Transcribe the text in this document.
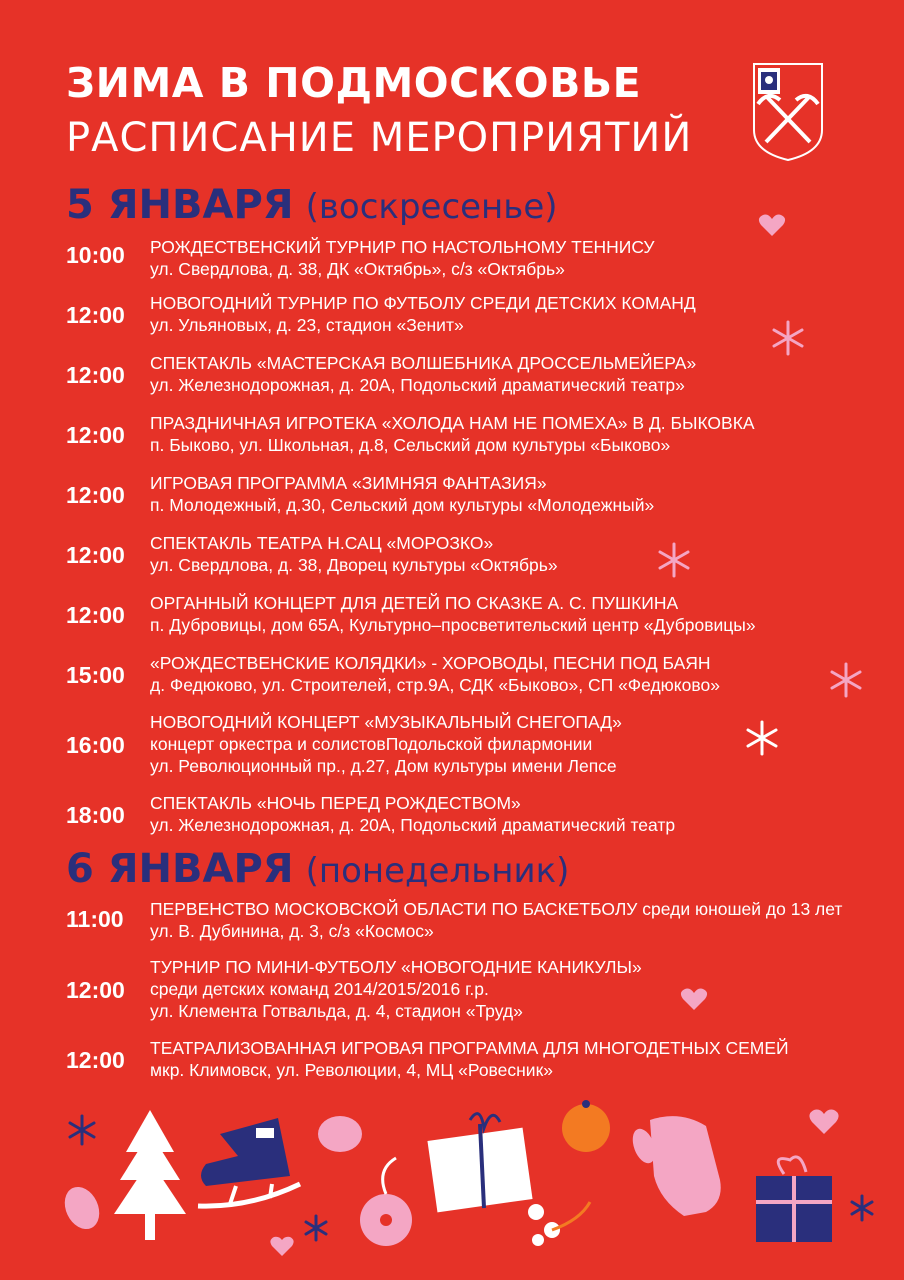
ЗИМА В ПОДМОСКОВЬЕ
РАСПИСАНИЕ МЕРОПРИЯТИЙ
5 ЯНВАРЯ (воскресенье)
10:00 РОЖДЕСТВЕНСКИЙ ТУРНИР ПО НАСТОЛЬНОМУ ТЕННИСУ
ул. Свердлова, д. 38, ДК «Октябрь», с/з «Октябрь»
12:00 НОВОГОДНИЙ ТУРНИР ПО ФУТБОЛУ СРЕДИ ДЕТСКИХ КОМАНД
ул. Ульяновых, д. 23, стадион «Зенит»
12:00 СПЕКТАКЛЬ «МАСТЕРСКАЯ ВОЛШЕБНИКА ДРОССЕЛЬМЕЙЕРА»
ул. Железнодорожная, д. 20А, Подольский драматический театр»
12:00 ПРАЗДНИЧНАЯ ИГРОТЕКА «ХОЛОДА НАМ НЕ ПОМЕХА» В Д. БЫКОВКА
п. Быково, ул. Школьная, д.8, Сельский дом культуры «Быково»
12:00 ИГРОВАЯ ПРОГРАММА «ЗИМНЯЯ ФАНТАЗИЯ»
п. Молодежный, д.30, Сельский дом культуры «Молодежный»
12:00 СПЕКТАКЛЬ ТЕАТРА Н.САЦ «МОРОЗКО»
ул. Свердлова, д. 38, Дворец культуры «Октябрь»
12:00 ОРГАННЫЙ КОНЦЕРТ ДЛЯ ДЕТЕЙ ПО СКАЗКЕ А. С. ПУШКИНА
п. Дубровицы, дом 65А, Культурно–просветительский центр «Дубровицы»
15:00 «РОЖДЕСТВЕНСКИЕ КОЛЯДКИ» - ХОРОВОДЫ, ПЕСНИ ПОД БАЯН
д. Федюково, ул. Строителей, стр.9А, СДК «Быково», СП «Федюково»
16:00
НОВОГОДНИЙ КОНЦЕРТ «МУЗЫКАЛЬНЫЙ СНЕГОПАД»
концерт оркестра и солистовПодольской филармонии
ул. Революционный пр., д.27, Дом культуры имени Лепсе
18:00 СПЕКТАКЛЬ «НОЧЬ ПЕРЕД РОЖДЕСТВОМ»
ул. Железнодорожная, д. 20А, Подольский драматический театр
6 ЯНВАРЯ (понедельник)
11:00 ПЕРВЕНСТВО МОСКОВСКОЙ ОБЛАСТИ ПО БАСКЕТБОЛУ среди юношей до 13 лет
ул. В. Дубинина, д. 3, с/з «Космос»
12:00
ТУРНИР ПО МИНИ-ФУТБОЛУ «НОВОГОДНИЕ КАНИКУЛЫ»
среди детских команд 2014/2015/2016 г.р.
ул. Клемента Готвальда, д. 4, стадион «Труд»
12:00 ТЕАТРАЛИЗОВАННАЯ ИГРОВАЯ ПРОГРАММА ДЛЯ МНОГОДЕТНЫХ СЕМЕЙ
мкр. Климовск, ул. Революции, 4, МЦ «Ровесник»
